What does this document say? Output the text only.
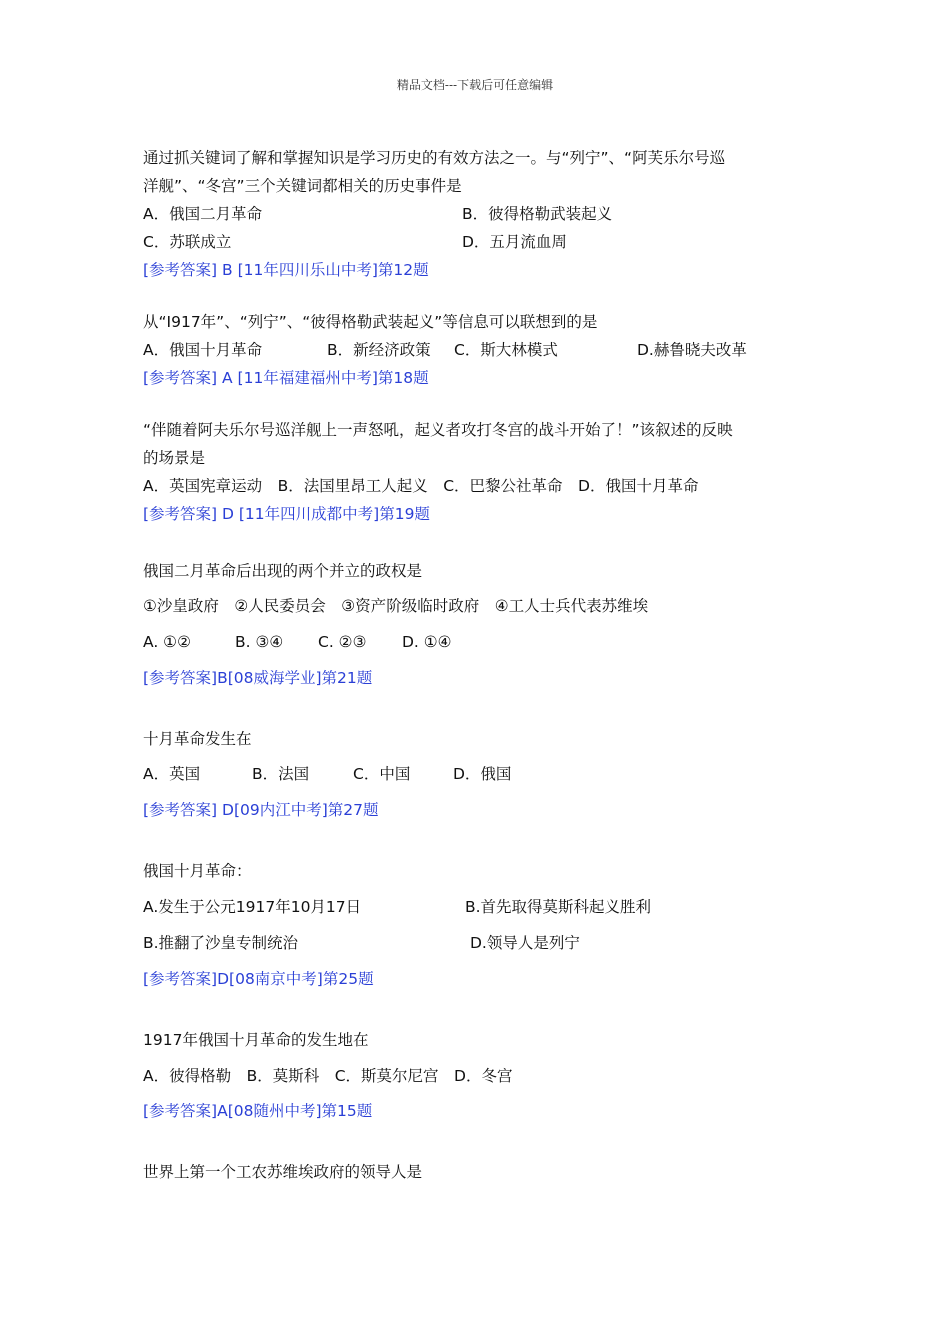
精品文档---下载后可任意编辑
通过抓关键词了解和掌握知识是学习历史的有效方法之一。与“列宁”、“阿芙乐尔号巡
洋舰”、“冬宫”三个关键词都相关的历史事件是
A．俄国二月革命	B．彼得格勒武装起义
C．苏联成立	D．五月流血周
[参考答案] B [11年四川乐山中考]第12题
从“I917年”、“列宁”、“彼得格勒武装起义”等信息可以联想到的是
A．俄国十月革命	B．新经济政策 C．斯大林模式	D.赫鲁晓夫改革
[参考答案] A [11年福建福州中考]第18题
“伴随着阿夫乐尔号巡洋舰上一声怒吼，起义者攻打冬宫的战斗开始了！”该叙述的反映
的场景是
A．英国宪章运动　B．法国里昂工人起义　C．巴黎公社革命　D．俄国十月革命
[参考答案] D [11年四川成都中考]第19题
俄国二月革命后出现的两个并立的政权是
①沙皇政府　②人民委员会　③资产阶级临时政府　④工人士兵代表苏维埃
A. ①②	B. ③④ C. ②③ D. ①④
[参考答案]B[08威海学业]第21题
十月革命发生在
A．英国	B．法国	C．中国	D．俄国
[参考答案] D[09内江中考]第27题
俄国十月革命：
A.发生于公元1917年10月17日	B.首先取得莫斯科起义胜利
B.推翻了沙皇专制统治	D.领导人是列宁
[参考答案]D[08南京中考]第25题
1917年俄国十月革命的发生地在
A．彼得格勒　B．莫斯科　C．斯莫尔尼宫　D．冬宫
[参考答案]A[08随州中考]第15题
世界上第一个工农苏维埃政府的领导人是
